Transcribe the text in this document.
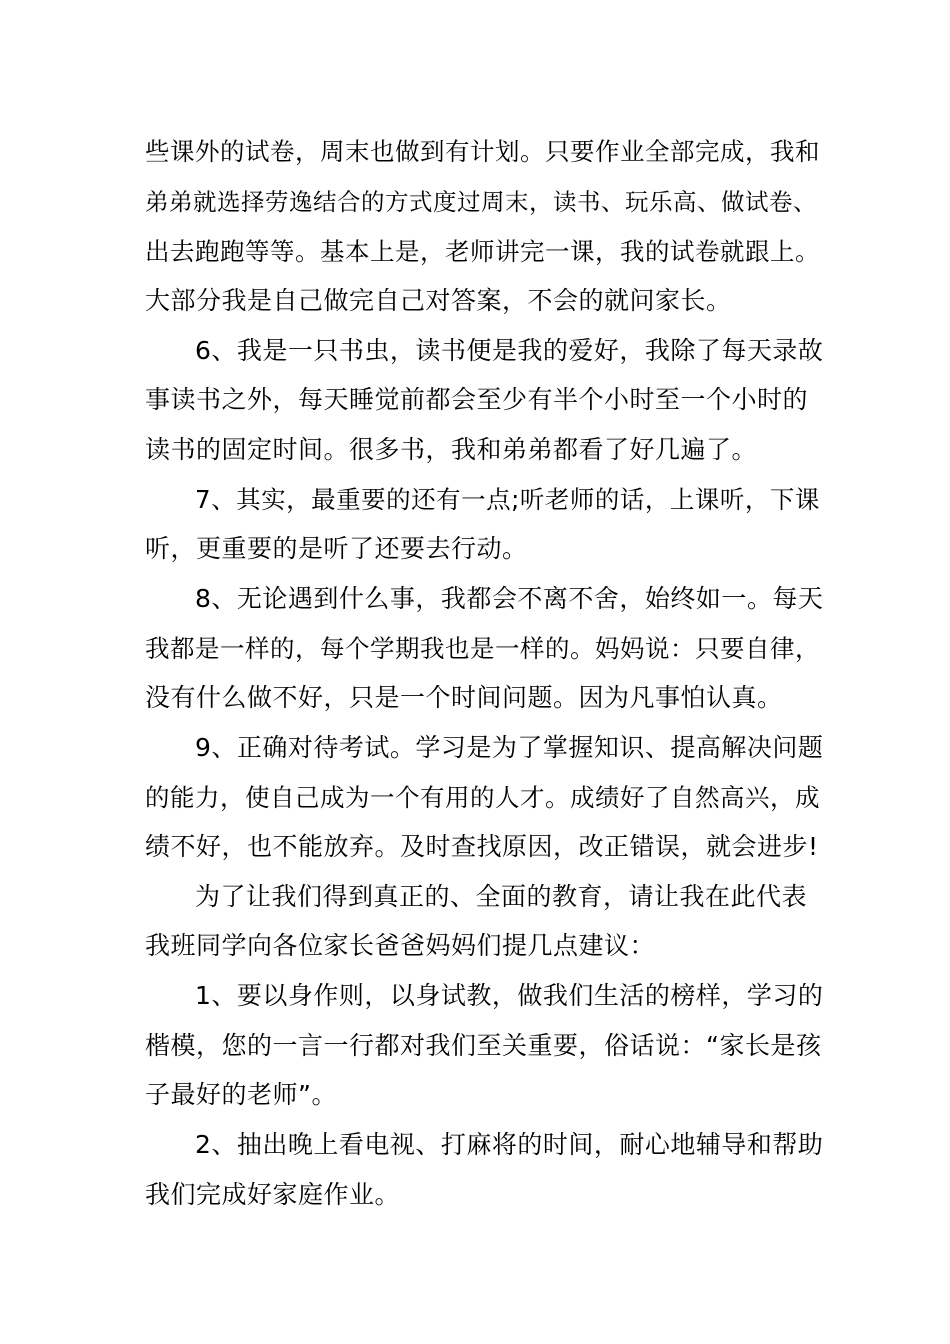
些课外的试卷，周末也做到有计划。只要作业全部完成，我和
弟弟就选择劳逸结合的方式度过周末，读书、玩乐高、做试卷、
出去跑跑等等。基本上是，老师讲完一课，我的试卷就跟上。
大部分我是自己做完自己对答案，不会的就问家长。
6、我是一只书虫，读书便是我的爱好，我除了每天录故
事读书之外，每天睡觉前都会至少有半个小时至一个小时的
读书的固定时间。很多书，我和弟弟都看了好几遍了。
7、其实，最重要的还有一点;听老师的话，上课听，下课
听，更重要的是听了还要去行动。
8、无论遇到什么事，我都会不离不舍，始终如一。每天
我都是一样的，每个学期我也是一样的。妈妈说：只要自律，
没有什么做不好，只是一个时间问题。因为凡事怕认真。
9、正确对待考试。学习是为了掌握知识、提高解决问题
的能力，使自己成为一个有用的人才。成绩好了自然高兴，成
绩不好，也不能放弃。及时查找原因，改正错误，就会进步!
为了让我们得到真正的、全面的教育，请让我在此代表
我班同学向各位家长爸爸妈妈们提几点建议：
1、要以身作则，以身试教，做我们生活的榜样，学习的
楷模，您的一言一行都对我们至关重要，俗话说：“家长是孩
子最好的老师”。
2、抽出晚上看电视、打麻将的时间，耐心地辅导和帮助
我们完成好家庭作业。
